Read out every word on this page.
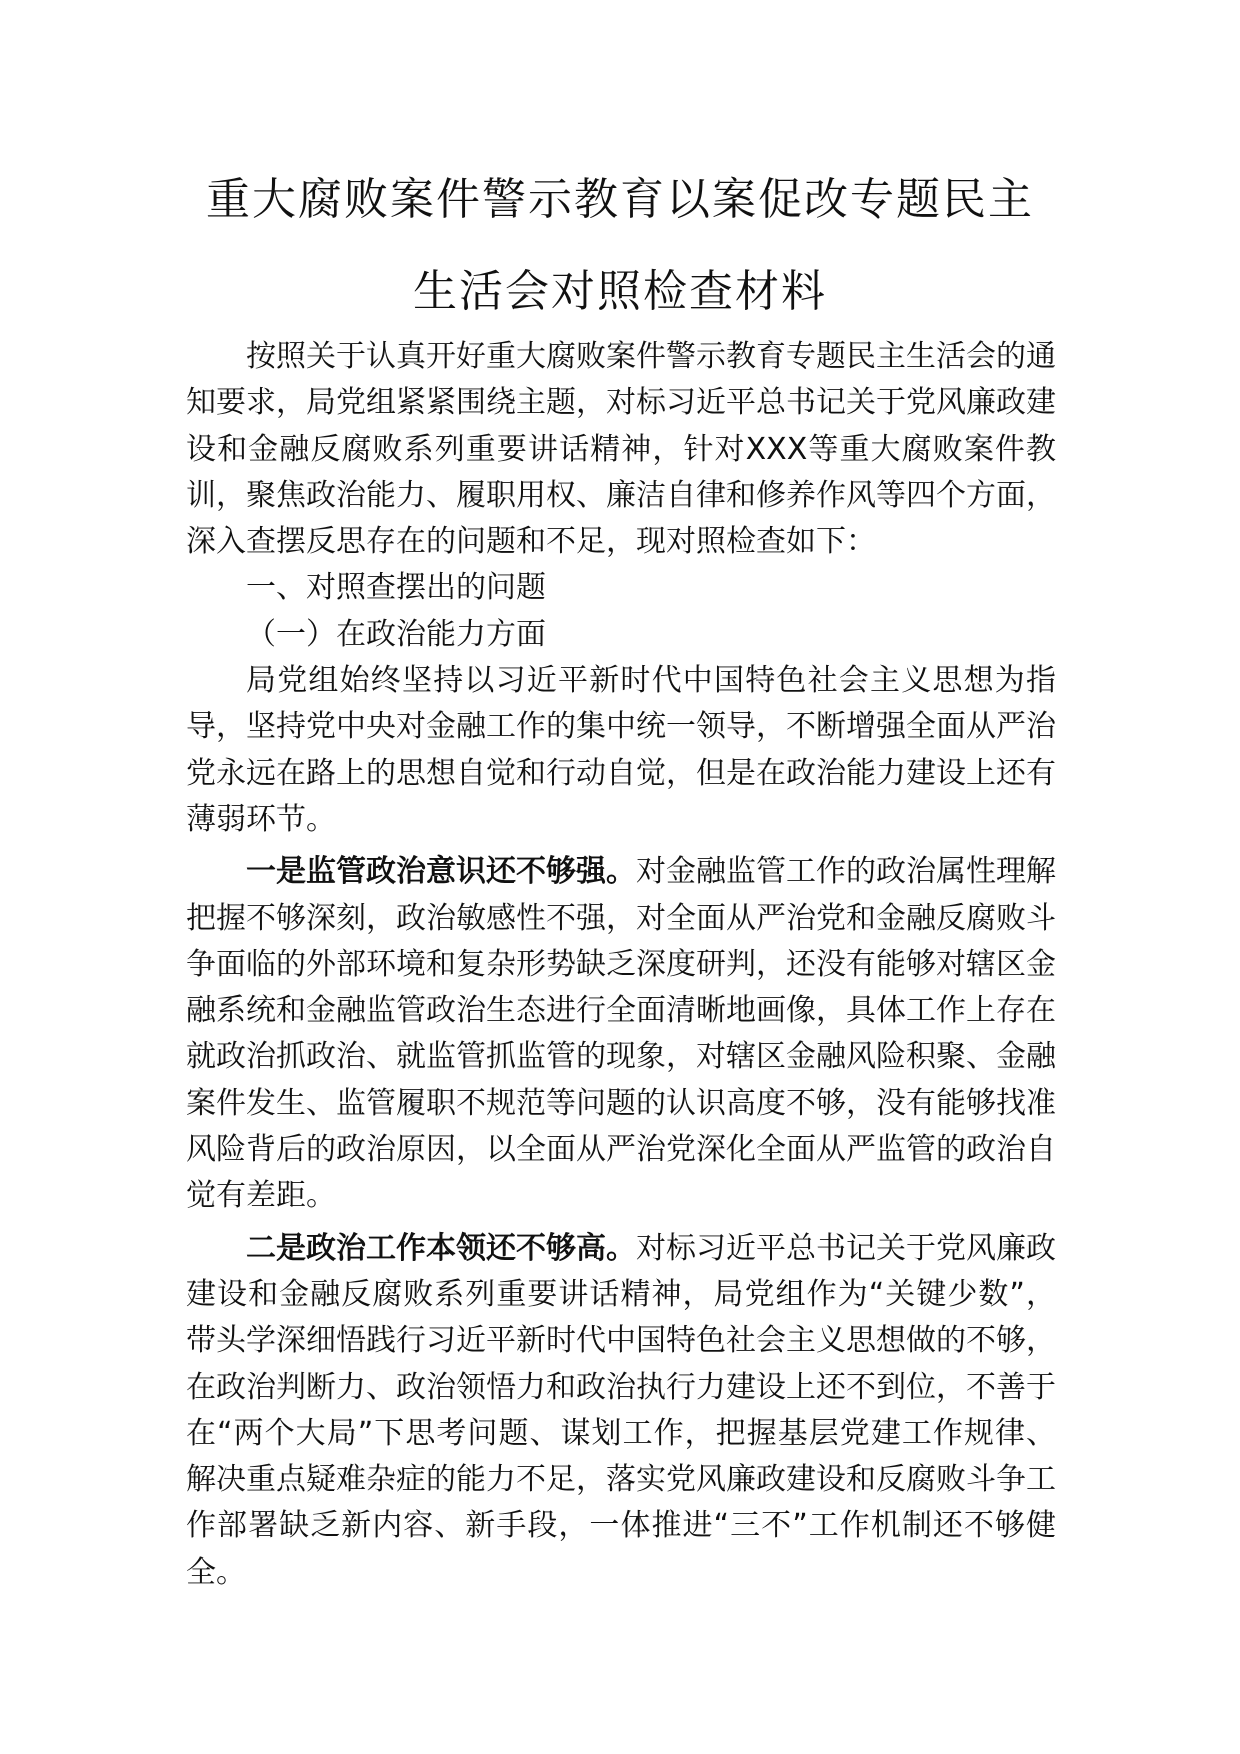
重大腐败案件警示教育以案促改专题民主
生活会对照检查材料

按照关于认真开好重大腐败案件警示教育专题民主生活会的通知要求，局党组紧紧围绕主题，对标习近平总书记关于党风廉政建设和金融反腐败系列重要讲话精神，针对XXX等重大腐败案件教训，聚焦政治能力、履职用权、廉洁自律和修养作风等四个方面，深入查摆反思存在的问题和不足，现对照检查如下：

一、对照查摆出的问题

（一）在政治能力方面

局党组始终坚持以习近平新时代中国特色社会主义思想为指导，坚持党中央对金融工作的集中统一领导，不断增强全面从严治党永远在路上的思想自觉和行动自觉，但是在政治能力建设上还有薄弱环节。

一是监管政治意识还不够强。对金融监管工作的政治属性理解把握不够深刻，政治敏感性不强，对全面从严治党和金融反腐败斗争面临的外部环境和复杂形势缺乏深度研判，还没有能够对辖区金融系统和金融监管政治生态进行全面清晰地画像，具体工作上存在就政治抓政治、就监管抓监管的现象，对辖区金融风险积聚、金融案件发生、监管履职不规范等问题的认识高度不够，没有能够找准风险背后的政治原因，以全面从严治党深化全面从严监管的政治自觉有差距。

二是政治工作本领还不够高。对标习近平总书记关于党风廉政建设和金融反腐败系列重要讲话精神，局党组作为“关键少数”，带头学深细悟践行习近平新时代中国特色社会主义思想做的不够，在政治判断力、政治领悟力和政治执行力建设上还不到位，不善于在“两个大局”下思考问题、谋划工作，把握基层党建工作规律、解决重点疑难杂症的能力不足，落实党风廉政建设和反腐败斗争工作部署缺乏新内容、新手段，一体推进“三不”工作机制还不够健全。
